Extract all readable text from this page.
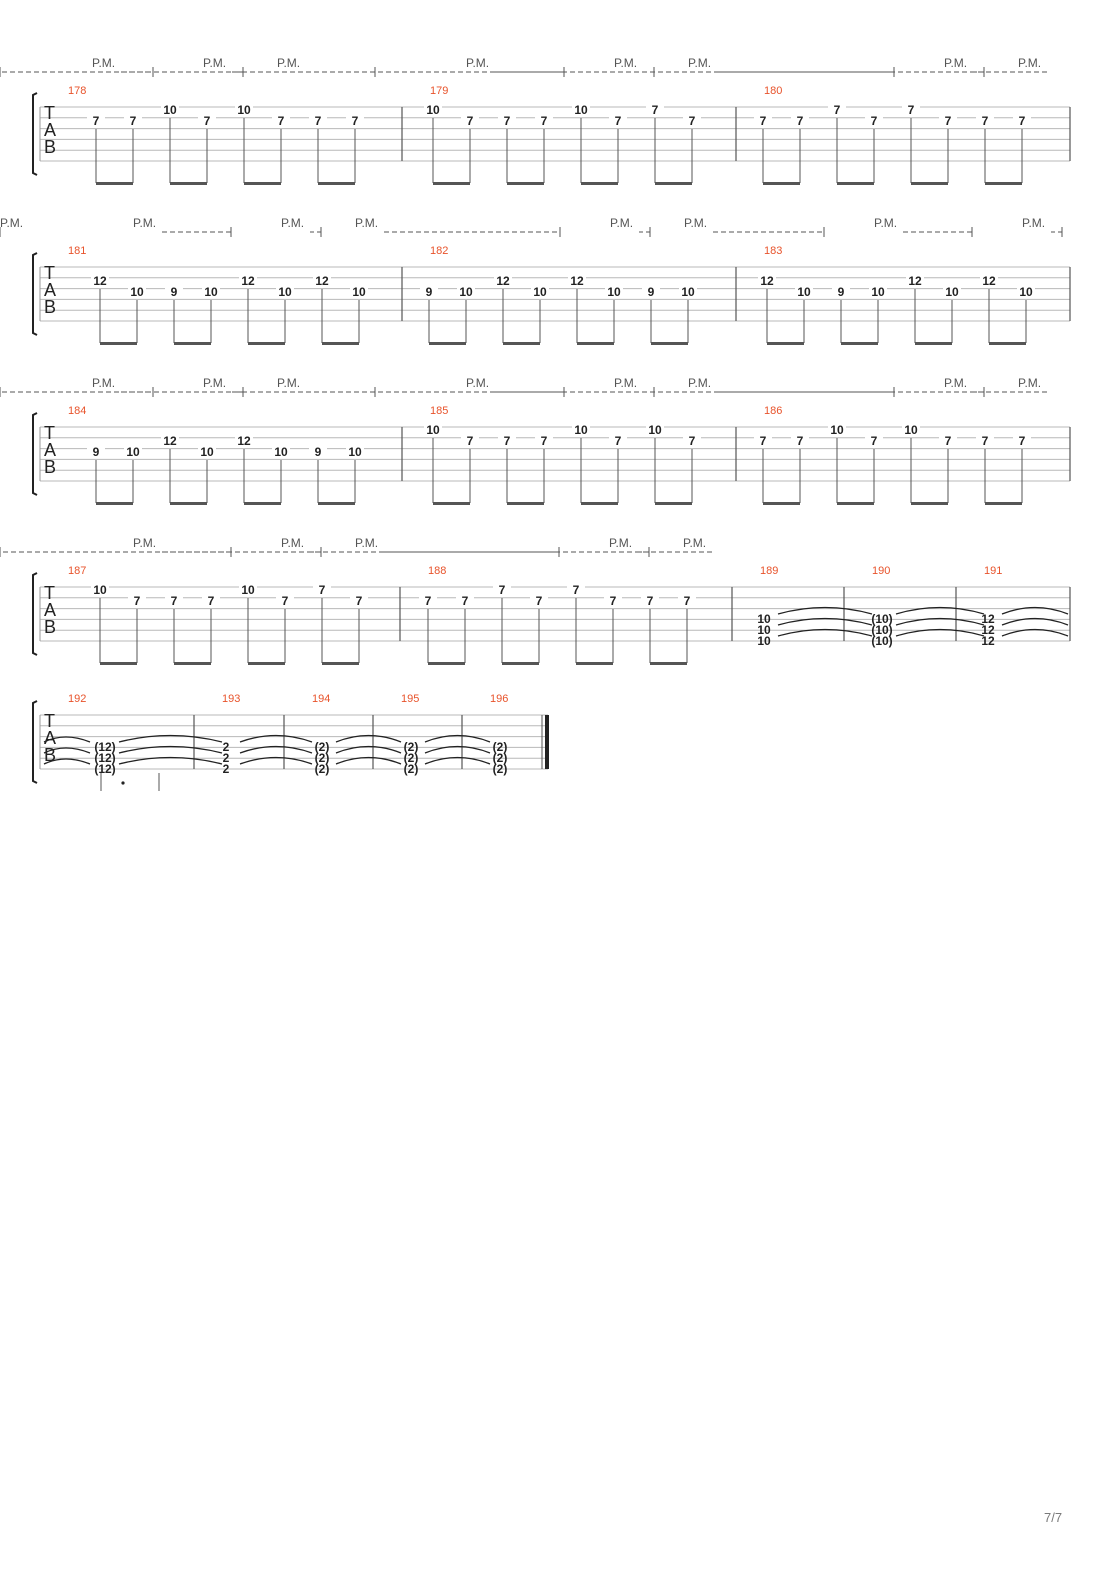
T
A
B
178	179	180
P.M.	P.M.	P.M.	P.M.	P.M.	P.M.	P.M.	P.M.
7	7
10
7
10
7	7	7
10
7	7	7
10
7
7
7	7	7
7
7
7
7	7	7
T
A
B
181	182	183
P.M.	P.M.	P.M.	P.M.	P.M.	P.M.	P.M.
P.M.
12
10 9 10
12
10
12
10	9 10
12
10
12
10 9 10
12
10 9 10
12
10
12
10
T
A
B
184	185	186
P.M.	P.M.	P.M.	P.M.	P.M.	P.M.	P.M.	P.M.
9 10
12
10
12
10 9 10
10
7	7	7
10
7
10
7	7	7
10
7
10
7	7	7
T
A
B
187	188	189	190	191
P.M.	P.M.	P.M.	P.M.	P.M.
10
7	7	7
10
7
7
7	7	7
7
7
7
7	7	7
10
10
10
(10)
(10)
(10)
12
12
12
T
A
B
192	193	194	195	196
(12)
(12)
(12)
2
2
2
(2)
(2)
(2)
(2)
(2)
(2)
(2)
(2)
(2)
7/7
